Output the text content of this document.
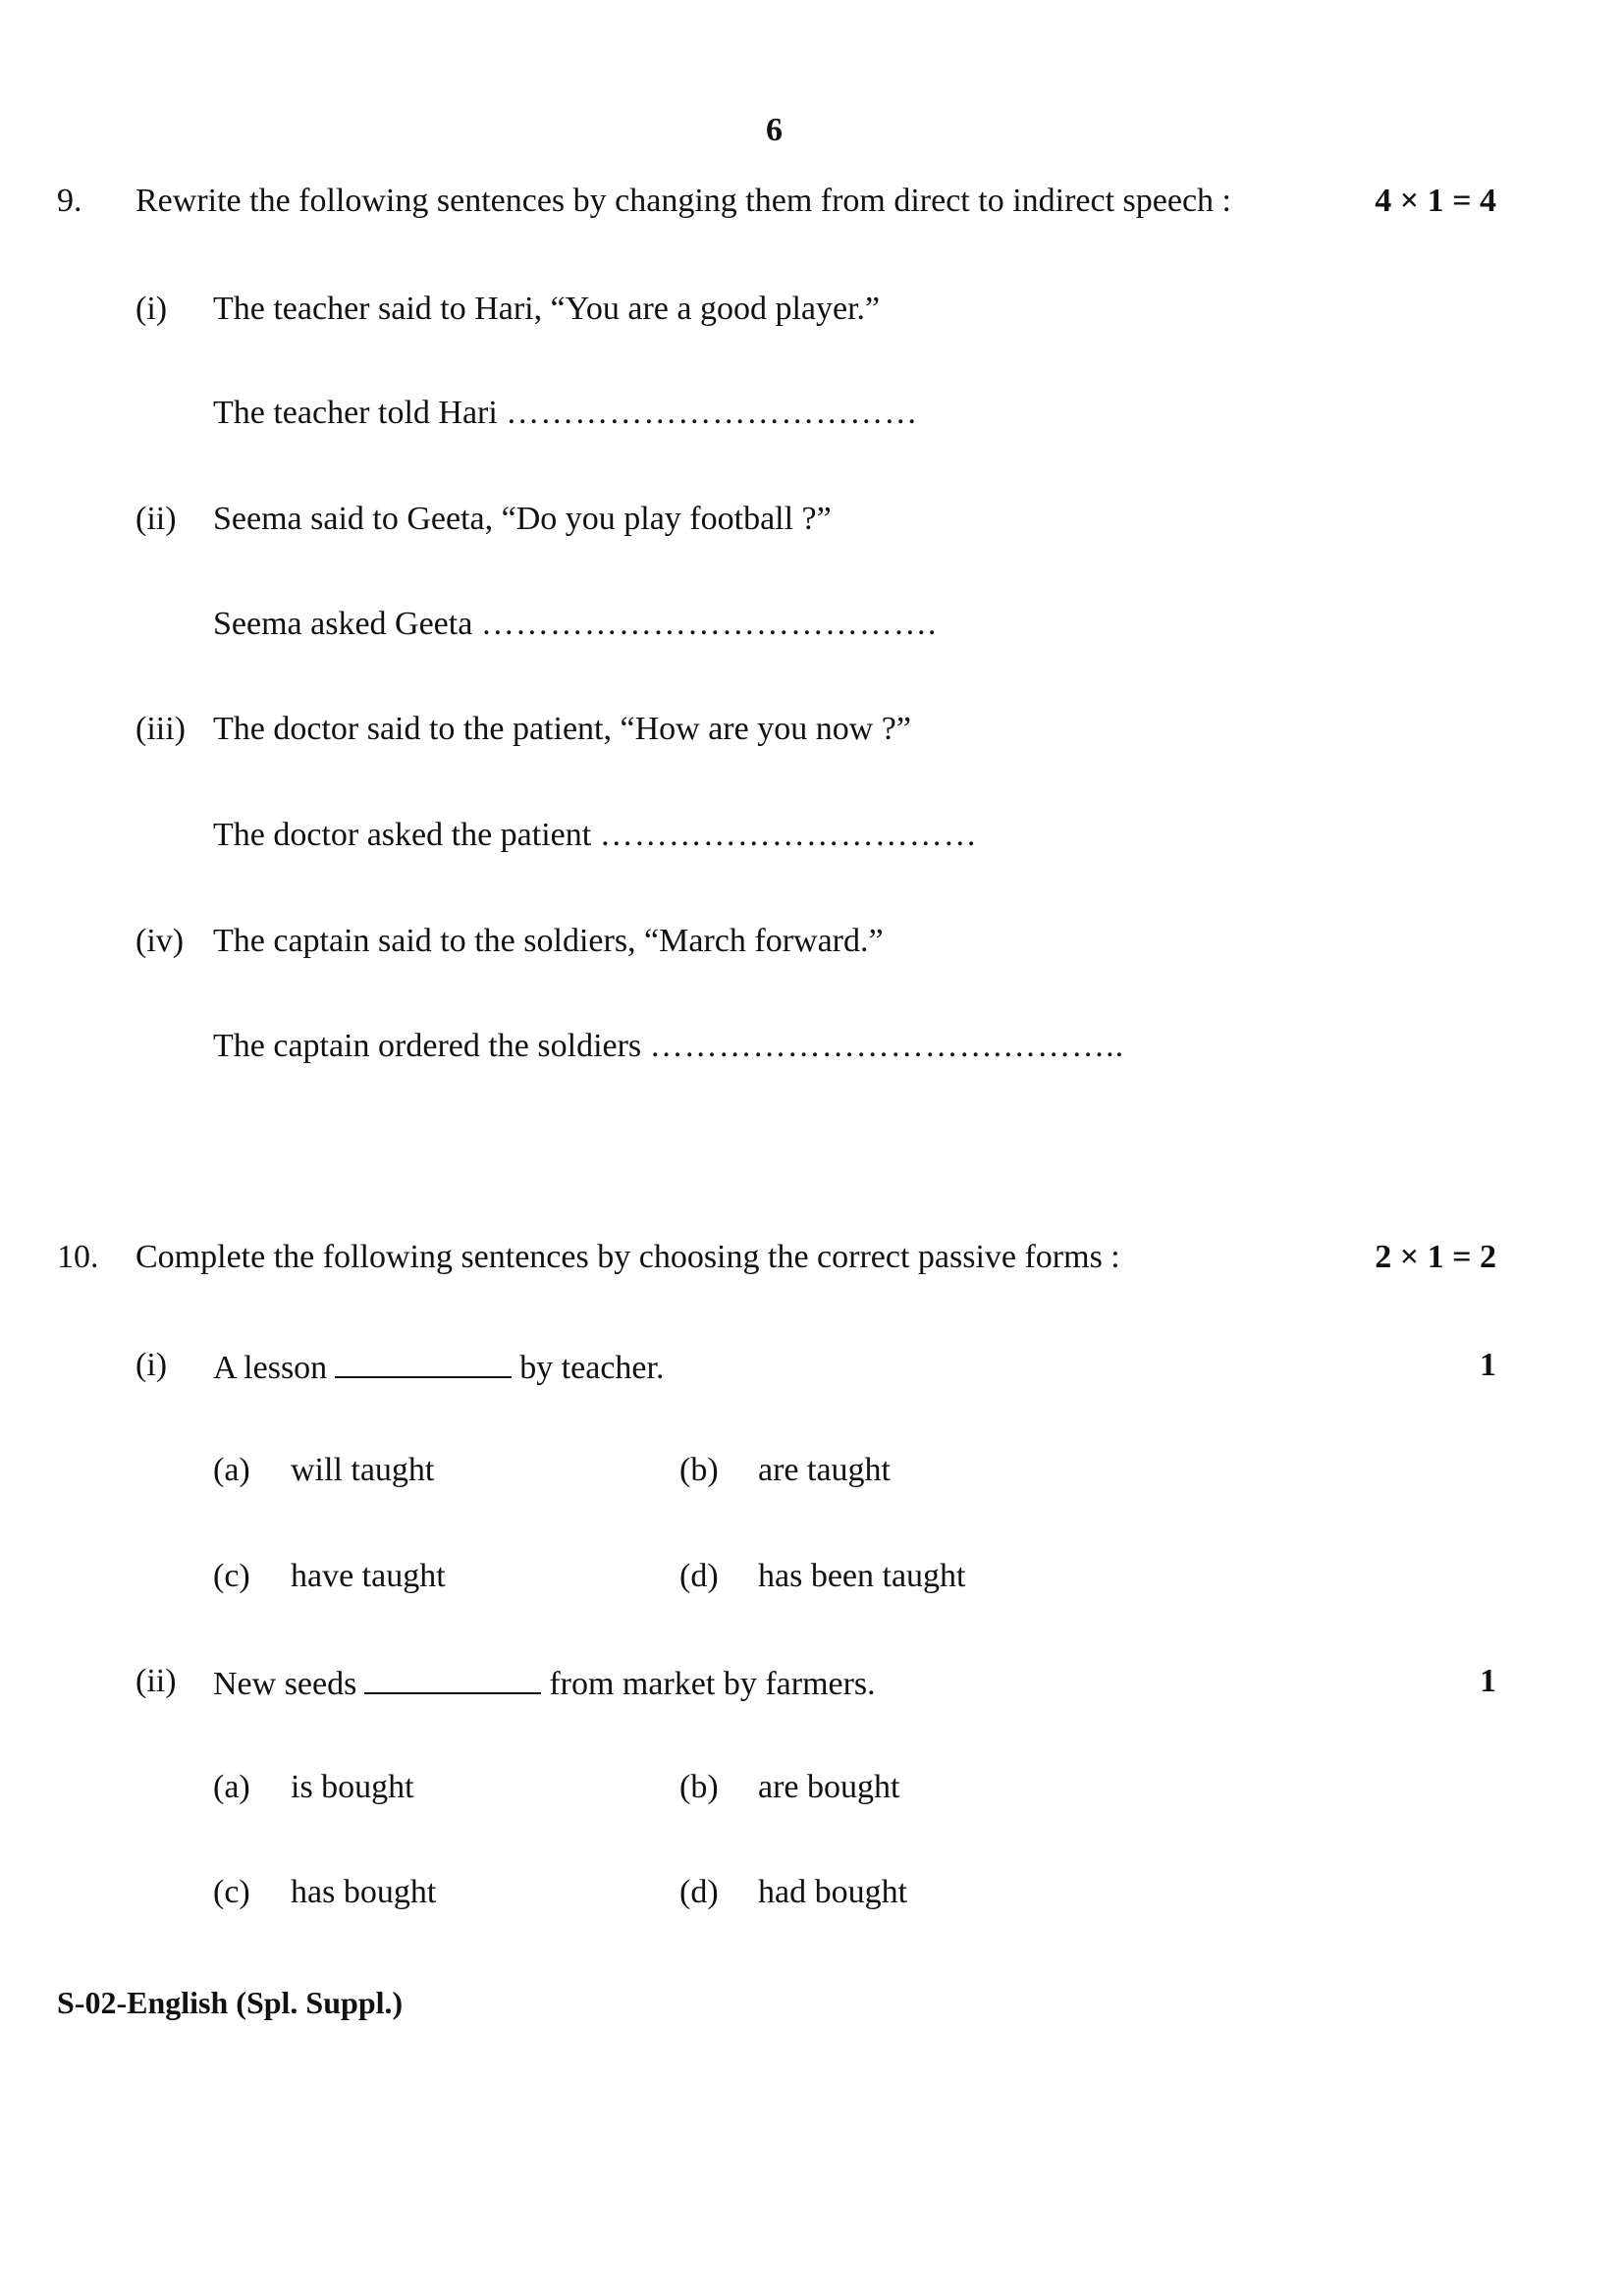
6
9. Rewrite the following sentences by changing them from direct to indirect speech :	4 × 1 = 4
(i) The teacher said to Hari, “You are a good player.”
The teacher told Hari ………………………………
(ii) Seema said to Geeta, “Do you play football ?”
Seema asked Geeta ………………………………….
(iii) The doctor said to the patient, “How are you now ?”
The doctor asked the patient ……………………………
(iv) The captain said to the soldiers, “March forward.”
The captain ordered the soldiers ………………………….………..
10. Complete the following sentences by choosing the correct passive forms :	2 × 1 = 2
(i) A lesson	by teacher.	1
(a) will taught	(b) are taught
(c) have taught	(d) has been taught
(ii) New seeds	from market by farmers.	1
(a) is bought	(b) are bought
(c) has bought	(d) had bought
S-02-English (Spl. Suppl.)
